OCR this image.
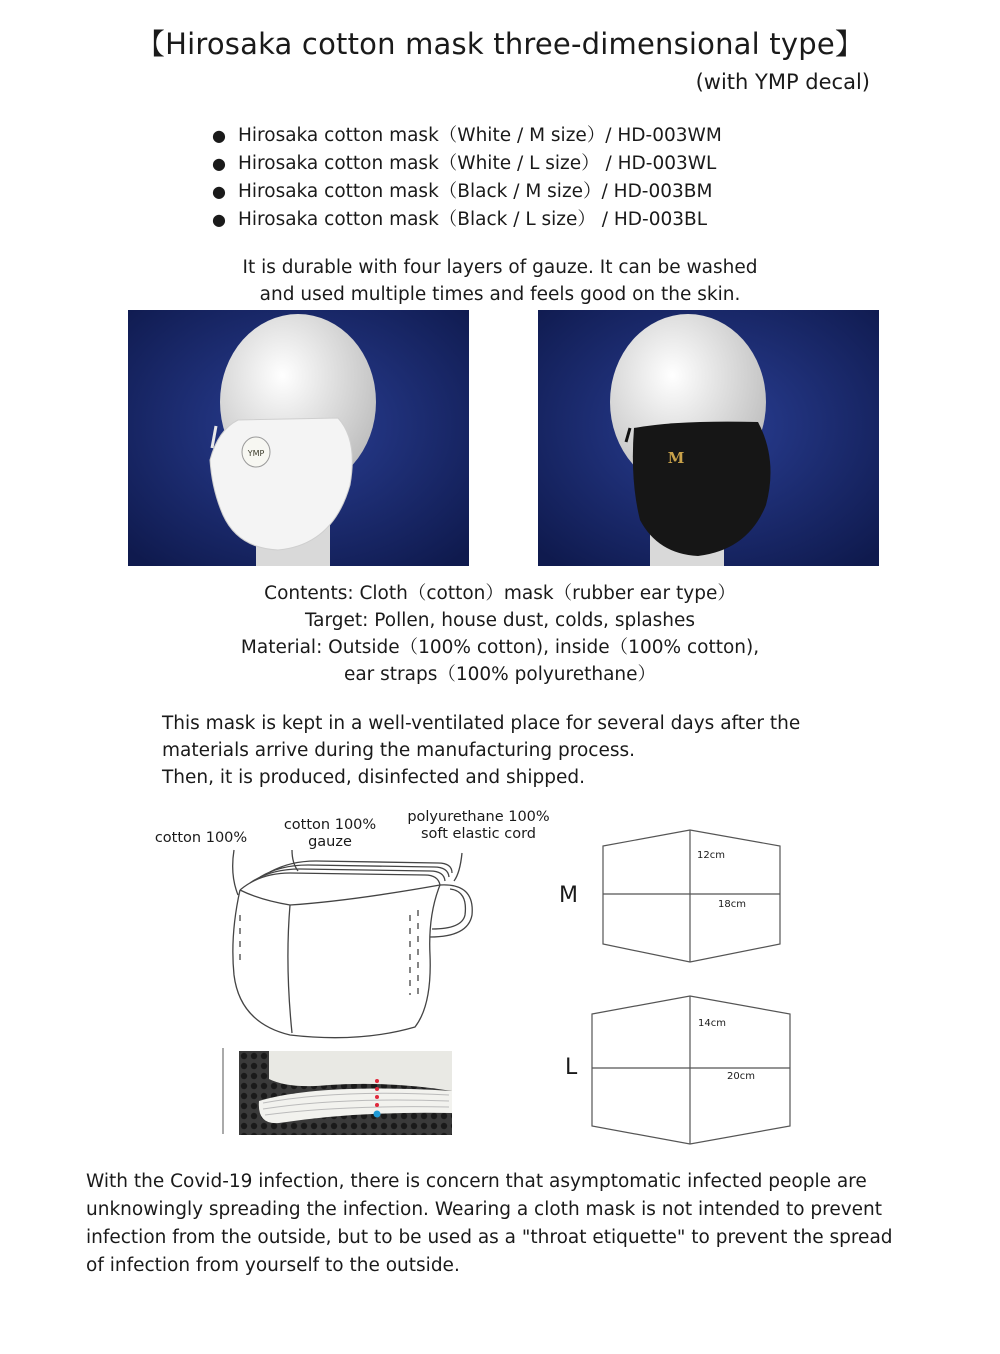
【Hirosaka cotton mask three-dimensional type】
(with YMP decal)
● Hirosaka cotton mask（White / M size）/ HD-003WM
● Hirosaka cotton mask（White / L size） / HD-003WL
● Hirosaka cotton mask（Black / M size）/ HD-003BM
● Hirosaka cotton mask（Black / L size） / HD-003BL
It is durable with four layers of gauze. It can be washed
and used multiple times and feels good on the skin.
YMP	M
Contents: Cloth（cotton）mask（rubber ear type）
Target: Pollen, house dust, colds, splashes
Material: Outside（100% cotton), inside（100% cotton),
ear straps（100% polyurethane）
This mask is kept in a well-ventilated place for several days after the
materials arrive during the manufacturing process.
Then, it is produced, disinfected and shipped.
cotton 100%
cotton 100%
gauze
polyurethane 100%
soft elastic cord
M
12cm
18cm
L
14cm
20cm
With the Covid-19 infection, there is concern that asymptomatic infected people are
unknowingly spreading the infection. Wearing a cloth mask is not intended to prevent
infection from the outside, but to be used as a "throat etiquette" to prevent the spread
of infection from yourself to the outside.
